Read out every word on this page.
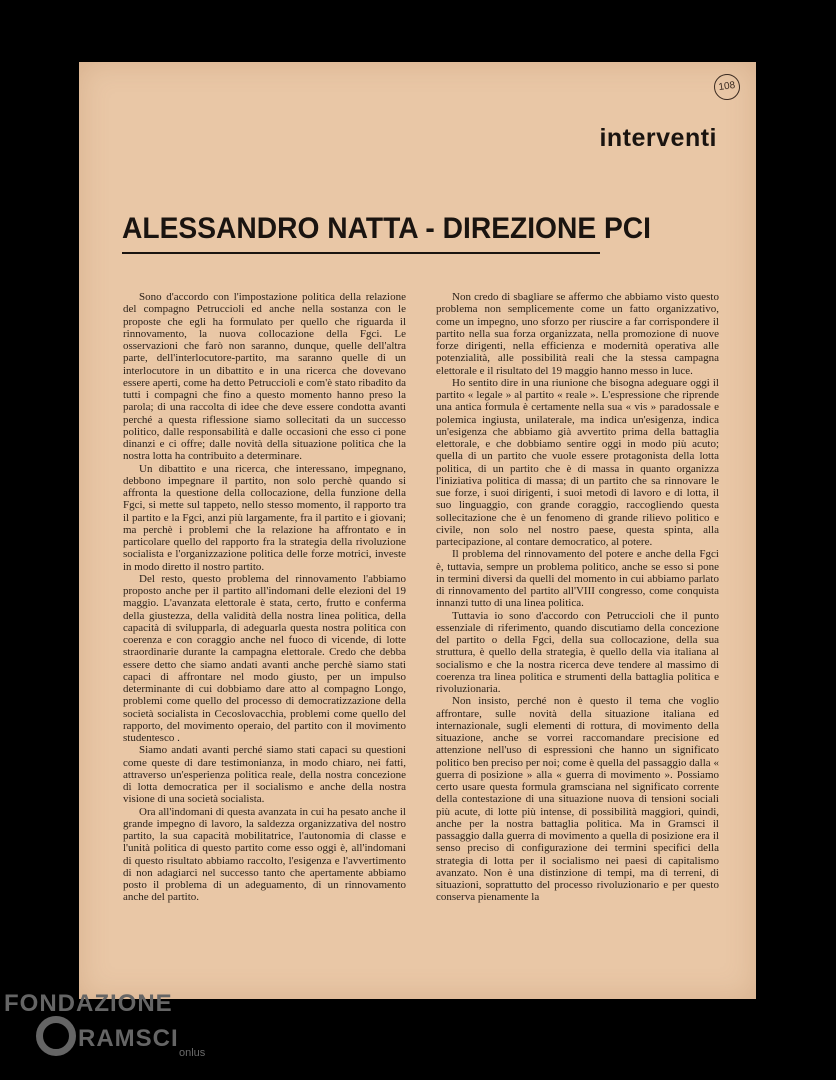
108
interventi
ALESSANDRO NATTA - DIREZIONE PCI

Sono d'accordo con l'impostazione politica della relazione del compagno Petruccioli ed anche nella sostanza con le proposte che egli ha formulato per quello che riguarda il rinnovamento, la nuova collocazione della Fgci. Le osservazioni che farò non saranno, dunque, quelle dell'altra parte, dell'interlocutore-partito, ma saranno quelle di un interlocutore in un dibattito e in una ricerca che dovevano essere aperti, come ha detto Petruccioli e com'è stato ribadito da tutti i compagni che fino a questo momento hanno preso la parola; di una raccolta di idee che deve essere condotta avanti perché a questa riflessione siamo sollecitati da un successo politico, dalle responsabilità e dalle occasioni che esso ci pone dinanzi e ci offre; dalle novità della situazione politica che la nostra lotta ha contribuito a determinare.

Un dibattito e una ricerca, che interessano, impegnano, debbono impegnare il partito, non solo perchè quando si affronta la questione della collocazione, della funzione della Fgci, si mette sul tappeto, nello stesso momento, il rapporto tra il partito e la Fgci, anzi più largamente, fra il partito e i giovani; ma perchè i problemi che la relazione ha affrontato e in particolare quello del rapporto fra la strategia della rivoluzione socialista e l'organizzazione politica delle forze motrici, investe in modo diretto il nostro partito.

Del resto, questo problema del rinnovamento l'abbiamo proposto anche per il partito all'indomani delle elezioni del 19 maggio. L'avanzata elettorale è stata, certo, frutto e conferma della giustezza, della validità della nostra linea politica, della capacità di svilupparla, di adeguarla questa nostra politica con coerenza e con coraggio anche nel fuoco di vicende, di lotte straordinarie durante la campagna elettorale. Credo che debba essere detto che siamo andati avanti anche perchè siamo stati capaci di affrontare nel modo giusto, per un impulso determinante di cui dobbiamo dare atto al compagno Longo, problemi come quello del processo di democratizzazione della società socialista in Cecoslovacchia, problemi come quello del rapporto, del movimento operaio, del partito con il movimento studentesco .

Siamo andati avanti perché siamo stati capaci su questioni come queste di dare testimonianza, in modo chiaro, nei fatti, attraverso un'esperienza politica reale, della nostra concezione di lotta democratica per il socialismo e anche della nostra visione di una società socialista.

Ora all'indomani di questa avanzata in cui ha pesato anche il grande impegno di lavoro, la saldezza organizzativa del nostro partito, la sua capacità mobilitatrice, l'autonomia di classe e l'unità politica di questo partito come esso oggi è, all'indomani di questo risultato abbiamo raccolto, l'esigenza e l'avvertimento di non adagiarci nel successo tanto che apertamente abbiamo posto il problema di un adeguamento, di un rinnovamento anche del partito.

Non credo di sbagliare se affermo che abbiamo visto questo problema non semplicemente come un fatto organizzativo, come un impegno, uno sforzo per riuscire a far corrispondere il partito nella sua forza organizzata, nella promozione di nuove forze dirigenti, nella efficienza e modernità operativa alle potenzialità, alle possibilità reali che la stessa campagna elettorale e il risultato del 19 maggio hanno messo in luce.

Ho sentito dire in una riunione che bisogna adeguare oggi il partito « legale » al partito « reale ». L'espressione che riprende una antica formula è certamente nella sua « vis » paradossale e polemica ingiusta, unilaterale, ma indica un'esigenza, indica un'esigenza che abbiamo già avvertito prima della battaglia elettorale, e che dobbiamo sentire oggi in modo più acuto; quella di un partito che vuole essere protagonista della lotta politica, di un partito che è di massa in quanto organizza l'iniziativa politica di massa; di un partito che sa rinnovare le sue forze, i suoi dirigenti, i suoi metodi di lavoro e di lotta, il suo linguaggio, con grande coraggio, raccogliendo questa sollecitazione che è un fenomeno di grande rilievo politico e civile, non solo nel nostro paese, questa spinta, alla partecipazione, al contare democratico, al potere.

Il problema del rinnovamento del potere e anche della Fgci è, tuttavia, sempre un problema politico, anche se esso si pone in termini diversi da quelli del momento in cui abbiamo parlato di rinnovamento del partito all'VIII congresso, come conquista innanzi tutto di una linea politica.

Tuttavia io sono d'accordo con Petruccioli che il punto essenziale di riferimento, quando discutiamo della concezione del partito o della Fgci, della sua collocazione, della sua struttura, è quello della strategia, è quello della via italiana al socialismo e che la nostra ricerca deve tendere al massimo di coerenza tra linea politica e strumenti della battaglia politica e rivoluzionaria.

Non insisto, perché non è questo il tema che voglio affrontare, sulle novità della situazione italiana ed internazionale, sugli elementi di rottura, di movimento della situazione, anche se vorrei raccomandare precisione ed attenzione nell'uso di espressioni che hanno un significato politico ben preciso per noi; come è quella del passaggio dalla « guerra di posizione » alla « guerra di movimento ». Possiamo certo usare questa formula gramsciana nel significato corrente della contestazione di una situazione nuova di tensioni sociali più acute, di lotte più intense, di possibilità maggiori, quindi, anche per la nostra battaglia politica. Ma in Gramsci il passaggio dalla guerra di movimento a quella di posizione era il senso preciso di configurazione dei termini specifici della strategia di lotta per il socialismo nei paesi di capitalismo avanzato. Non è una distinzione di tempi, ma di terreni, di situazioni, soprattutto del processo rivoluzionario e per questo conserva pienamente la

FONDAZIONE
RAMSCI
onlus
